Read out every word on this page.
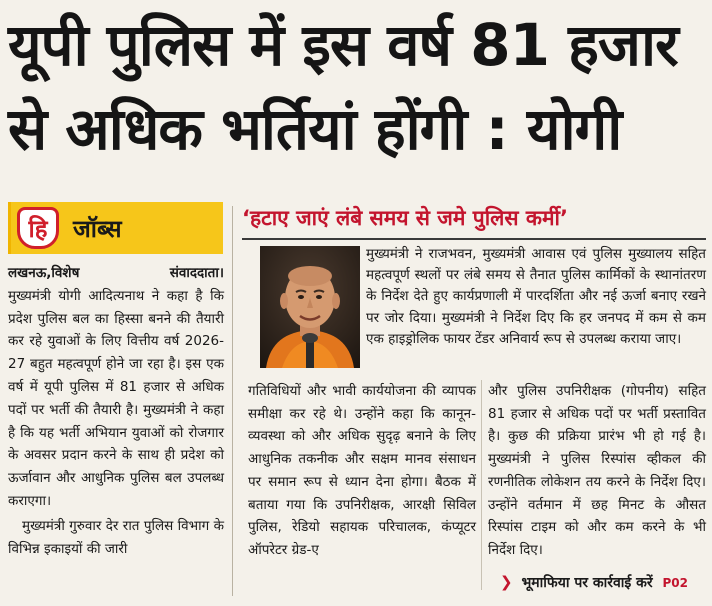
यूपी पुलिस में इस वर्ष 81 हजार
से अधिक भर्तियां होंगी : योगी
हि	जॉब्स
लखनऊ,विशेष	संवाददाता।

मुख्यमंत्री योगी आदित्यनाथ ने कहा है कि प्रदेश पुलिस बल का हिस्सा बनने की तैयारी कर रहे युवाओं के लिए वित्तीय वर्ष 2026-27 बहुत महत्वपूर्ण होने जा रहा है। इस एक वर्ष में यूपी पुलिस में 81 हजार से अधिक पदों पर भर्ती की तैयारी है। मुख्यमंत्री ने कहा है कि यह भर्ती अभियान युवाओं को रोजगार के अवसर प्रदान करने के साथ ही प्रदेश को ऊर्जावान और आधुनिक पुलिस बल उपलब्ध कराएगा।

मुख्यमंत्री गुरुवार देर रात पुलिस विभाग के विभिन्न इकाइयों की जारी

‘हटाए जाएं लंबे समय से जमे पुलिस कर्मी’

मुख्यमंत्री ने राजभवन, मुख्यमंत्री आवास एवं पुलिस मुख्यालय सहित महत्वपूर्ण स्थलों पर लंबे समय से तैनात पुलिस कार्मिकों के स्थानांतरण के निर्देश देते हुए कार्यप्रणाली में पारदर्शिता और नई ऊर्जा बनाए रखने पर जोर दिया। मुख्यमंत्री ने निर्देश दिए कि हर जनपद में कम से कम एक हाइड्रोलिक फायर टेंडर अनिवार्य रूप से उपलब्ध कराया जाए।

गतिविधियों और भावी कार्ययोजना की व्यापक समीक्षा कर रहे थे। उन्होंने कहा कि कानून-व्यवस्था को और अधिक सुदृढ़ बनाने के लिए आधुनिक तकनीक और सक्षम मानव संसाधन पर समान रूप से ध्यान देना होगा। बैठक में बताया गया कि उपनिरीक्षक, आरक्षी सिविल पुलिस, रेडियो सहायक परिचालक, कंप्यूटर ऑपरेटर ग्रेड-ए

और पुलिस उपनिरीक्षक (गोपनीय) सहित 81 हजार से अधिक पदों पर भर्ती प्रस्तावित है। कुछ की प्रक्रिया प्रारंभ भी हो गई है। मुख्यमंत्री ने पुलिस रिस्पांस व्हीकल की रणनीतिक लोकेशन तय करने के निर्देश दिए। उन्होंने वर्तमान में छह मिनट के औसत रिस्पांस टाइम को और कम करने के भी निर्देश दिए।

❯ भूमाफिया पर कार्रवाई करें P02
